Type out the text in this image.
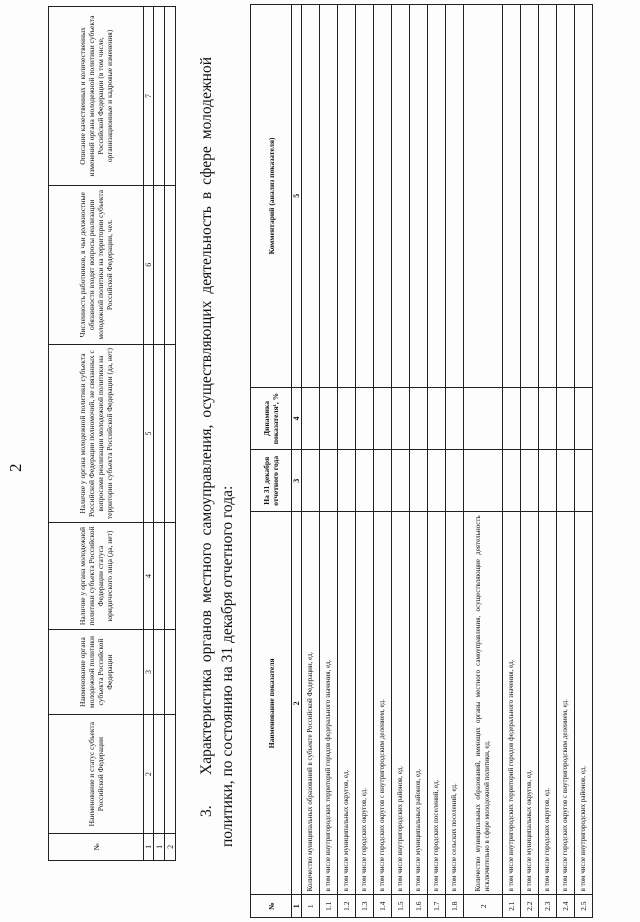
№	Наименование и статус субъекта Российской Федерации	Наименование органа молодежной политики субъекта Российской Федерации	Наличие у органа молодежной политики субъекта Российской Федерации статуса юридического лица (да, нет)	Наличие у органа молодежной политики субъекта Российской Федерации полномочий, не связанных с вопросами реализации молодежной политики на территории субъекта Российской Федерации (да, нет)	Численность работников, в чьи должностные обязанности входят вопросы реализации молодежной политики на территории субъекта Российской Федерации, чел.	Описание качественных и количественных изменений органа молодежной политики субъекта Российской Федерации (в том числе, организационные и кадровые изменения)
1	2	3	4	5	6	7
1						
2						
2
3.Характеристика органов местного самоуправления, осуществляющих деятельность в сфере молодежной политики, по состоянию на 31 декабря отчетного года:
№	Наименование показателя	На 31 декабря отчетного года	Динамика показателя¹, %	Комментарий (анализ показателя)
1	2	3	4	5
1	Количество муниципальных образований в субъекте Российской Федерации, ед.			
1.1	в том числе внутригородских территорий городов федерального значения, ед.			
1.2	в том числе муниципальных округов, ед.			
1.3	в том числе городских округов, ед.			
1.4	в том числе городских округов с внутригородским делением, ед.			
1.5	в том числе внутригородских районов, ед.			
1.6	в том числе муниципальных районов, ед.			
1.7	в том числе городских поселений, ед.			
1.8	в том числе сельских поселений, ед.			
2	Количество муниципальных образований, имеющих органы местного самоуправления, осуществляющие деятельность исключительно в сфере молодежной политики, ед.			
2.1	в том числе внутригородских территорий городов федерального значения, ед.			
2.2	в том числе муниципальных округов, ед.			
2.3	в том числе городских округов, ед.			
2.4	в том числе городских округов с внутригородским делением, ед.			
2.5	в том числе внутригородских районов, ед.			
